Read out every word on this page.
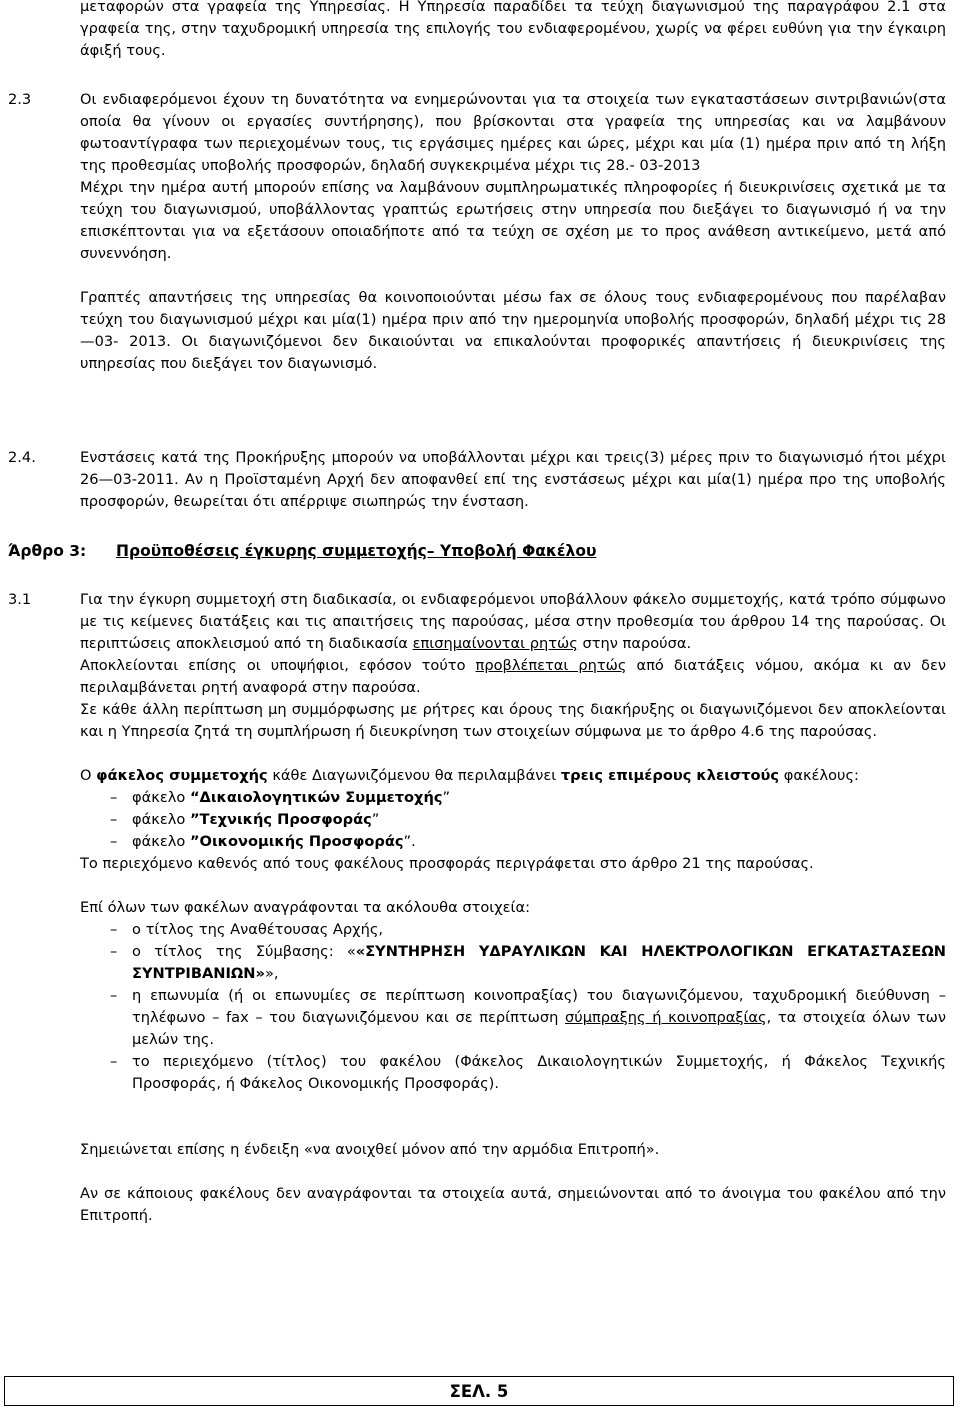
μεταφορών στα γραφεία της Υπηρεσίας. Η Υπηρεσία παραδίδει τα τεύχη διαγωνισμού της παραγράφου 2.1 στα γραφεία της, στην ταχυδρομική υπηρεσία της επιλογής του ενδιαφερομένου, χωρίς να φέρει ευθύνη για την έγκαιρη άφιξή τους.

2.3	Οι ενδιαφερόμενοι έχουν τη δυνατότητα να ενημερώνονται για τα στοιχεία των εγκαταστάσεων σιντριβανιών(στα οποία θα γίνουν οι εργασίες συντήρησης), που βρίσκονται στα γραφεία της υπηρεσίας και να λαμβάνουν φωτοαντίγραφα των περιεχομένων τους, τις εργάσιμες ημέρες και ώρες, μέχρι και μία (1) ημέρα πριν από τη λήξη της προθεσμίας υποβολής προσφορών, δηλαδή συγκεκριμένα μέχρι τις 28.- 03-2013

Μέχρι την ημέρα αυτή μπορούν επίσης να λαμβάνουν συμπληρωματικές πληροφορίες ή διευκρινίσεις σχετικά με τα τεύχη του διαγωνισμού, υποβάλλοντας γραπτώς ερωτήσεις στην υπηρεσία που διεξάγει το διαγωνισμό ή να την επισκέπτονται για να εξετάσουν οποιαδήποτε από τα τεύχη σε σχέση με το προς ανάθεση αντικείμενο, μετά από συνεννόηση.

Γραπτές απαντήσεις της υπηρεσίας θα κοινοποιούνται μέσω fax σε όλους τους ενδιαφερομένους που παρέλαβαν τεύχη του διαγωνισμού μέχρι και μία(1) ημέρα πριν από την ημερομηνία υποβολής προσφορών, δηλαδή μέχρι τις 28—03- 2013. Οι διαγωνιζόμενοι δεν δικαιούνται να επικαλούνται προφορικές απαντήσεις ή διευκρινίσεις της υπηρεσίας που διεξάγει τον διαγωνισμό.

2.4.	Ενστάσεις κατά της Προκήρυξης μπορούν να υποβάλλονται μέχρι και τρεις(3) μέρες πριν το διαγωνισμό ήτοι μέχρι 26—03-2011. Αν η Προϊσταμένη Αρχή δεν αποφανθεί επί της ενστάσεως μέχρι και μία(1) ημέρα προ της υποβολής προσφορών, θεωρείται ότι απέρριψε σιωπηρώς την ένσταση.

Άρθρο 3: Προϋποθέσεις έγκυρης συμμετοχής– Υποβολή Φακέλου
3.1	Για την έγκυρη συμμετοχή στη διαδικασία, οι ενδιαφερόμενοι υποβάλλουν φάκελο συμμετοχής, κατά τρόπο σύμφωνο με τις κείμενες διατάξεις και τις απαιτήσεις της παρούσας, μέσα στην προθεσμία του άρθρου 14 της παρούσας. Οι περιπτώσεις αποκλεισμού από τη διαδικασία επισημαίνονται ρητώς στην παρούσα.

Αποκλείονται επίσης οι υποψήφιοι, εφόσον τούτο προβλέπεται ρητώς από διατάξεις νόμου, ακόμα κι αν δεν περιλαμβάνεται ρητή αναφορά στην παρούσα.

Σε κάθε άλλη περίπτωση μη συμμόρφωσης με ρήτρες και όρους της διακήρυξης οι διαγωνιζόμενοι δεν αποκλείονται και η Υπηρεσία ζητά τη συμπλήρωση ή διευκρίνηση των στοιχείων σύμφωνα με το άρθρο 4.6 της παρούσας.

Ο φάκελος συμμετοχής κάθε Διαγωνιζόμενου θα περιλαμβάνει τρεις επιμέρους κλειστούς φακέλους:

– φάκελο “Δικαιολογητικών Συμμετοχής”
– φάκελο ”Τεχνικής Προσφοράς”
– φάκελο ”Οικονομικής Προσφοράς”.

Το περιεχόμενο καθενός από τους φακέλους προσφοράς περιγράφεται στο άρθρο 21 της παρούσας.

Επί όλων των φακέλων αναγράφονται τα ακόλουθα στοιχεία:

– ο τίτλος της Αναθέτουσας Αρχής,
– ο τίτλος της Σύμβασης: ««ΣΥΝΤΗΡΗΣΗ ΥΔΡΑΥΛΙΚΩΝ ΚΑΙ ΗΛΕΚΤΡΟΛΟΓΙΚΩΝ ΕΓΚΑΤΑΣΤΑΣΕΩΝ ΣΥΝΤΡΙΒΑΝΙΩΝ»»,
– η επωνυμία (ή οι επωνυμίες σε περίπτωση κοινοπραξίας) του διαγωνιζόμενου, ταχυδρομική διεύθυνση – τηλέφωνο – fax – του διαγωνιζόμενου και σε περίπτωση σύμπραξης ή κοινοπραξίας, τα στοιχεία όλων των μελών της.
– το περιεχόμενο (τίτλος) του φακέλου (Φάκελος Δικαιολογητικών Συμμετοχής, ή Φάκελος Τεχνικής Προσφοράς, ή Φάκελος Οικονομικής Προσφοράς).

Σημειώνεται επίσης η ένδειξη «να ανοιχθεί μόνον από την αρμόδια Επιτροπή».

Αν σε κάποιους φακέλους δεν αναγράφονται τα στοιχεία αυτά, σημειώνονται από το άνοιγμα του φακέλου από την Επιτροπή.

ΣΕΛ. 5
